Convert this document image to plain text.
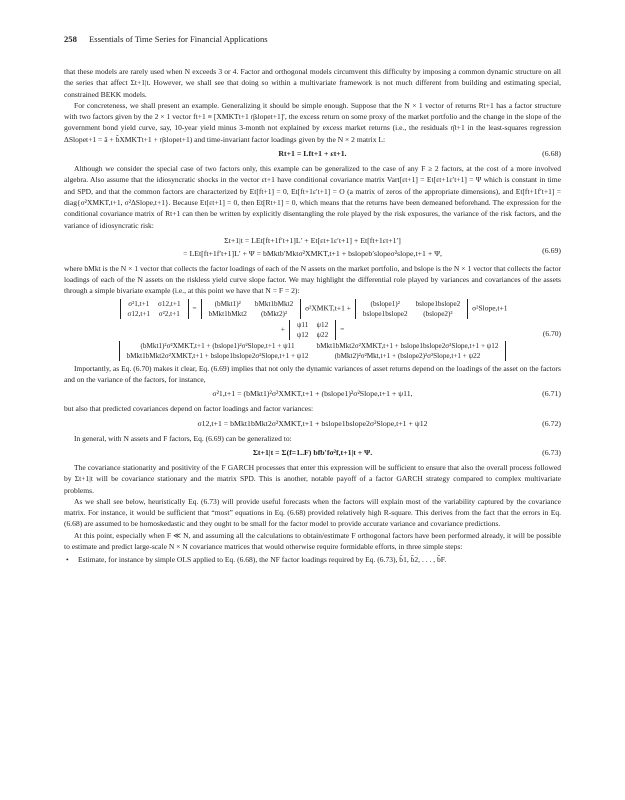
258 Essentials of Time Series for Financial Applications

that these models are rarely used when N exceeds 3 or 4. Factor and orthogonal models circumvent this difficulty by imposing a common dynamic structure on all the series that affect Σt+1|t. However, we shall see that doing so within a multivariate framework is not much different from building and estimating special, constrained BEKK models.

For concreteness, we shall present an example. Generalizing it should be simple enough. Suppose that the N × 1 vector of returns Rt+1 has a factor structure with two factors given by the 2 × 1 vector ft+1 ≡ [XMKTt+1 η̂slopet+1]′, the excess return on some proxy of the market portfolio and the change in the slope of the government bond yield curve, say, 10-year yield minus 3-month not explained by excess market returns (i.e., the residuals η̂t+1 in the least-squares regression ΔSlopet+1 = â + b̂XMKTt+1 + η̂slopet+1) and time-invariant factor loadings given by the N × 2 matrix L:

Rt+1 = Lft+1 + εt+1.	(6.68)

Although we consider the special case of two factors only, this example can be generalized to the case of any F ≥ 2 factors, at the cost of a more involved algebra. Also assume that the idiosyncratic shocks in the vector εt+1 have conditional covariance matrix Vart[εt+1] = Et[εt+1ε′t+1] = Ψ which is constant in time and SPD, and that the common factors are characterized by Et[ft+1] = 0, Et[ft+1ε′t+1] = O (a matrix of zeros of the appropriate dimensions), and Et[ft+1f′t+1] = diag{σ²XMKT,t+1, σ²ΔSlope,t+1}. Because Et[εt+1] = 0, then Et[Rt+1] = 0, which means that the returns have been demeaned beforehand. The expression for the conditional covariance matrix of Rt+1 can then be written by explicitly disentangling the role played by the risk exposures, the variance of the risk factors, and the variance of idiosyncratic risk:

Σt+1|t = LEt[ft+1f′t+1]L′ + Et[εt+1ε′t+1] + Et[ft+1εt+1′]
= LEt[ft+1f′t+1]L′ + Ψ = bMktb′Mktσ²XMKT,t+1 + bslopeb′slopeσ²slope,t+1 + Ψ,	(6.69)

where bMkt is the N × 1 vector that collects the factor loadings of each of the N assets on the market portfolio, and bslope is the N × 1 vector that collects the factor loadings of each of the N assets on the riskless yield curve slope factor. We may highlight the differential role played by variances and covariances of the assets through a simple bivariate example (i.e., at this point we have that N = F = 2):

σ²1,t+1	σ12,t+1
σ12,t+1	σ²2,t+1
= (bMkt1)²	bMkt1bMkt2
bMkt1bMkt2	(bMkt2)²
σ²XMKT,t+1 + (bslope1)²	bslope1bslope2
bslope1bslope2	(bslope2)²
σ²Slope,t+1
+ ψ11	ψ12
ψ12	ψ22
=
(bMkt1)²σ²XMKT,t+1 + (bslope1)²σ²Slope,t+1 + ψ11	bMkt1bMkt2σ²XMKT,t+1 + bslope1bslope2σ²Slope,t+1 + ψ12
bMkt1bMkt2σ²XMKT,t+1 + bslope1bslope2σ²Slope,t+1 + ψ12	(bMkt2)²σ²Mkt,t+1 + (bslope2)²σ²Slope,t+1 + ψ22
(6.70)

Importantly, as Eq. (6.70) makes it clear, Eq. (6.69) implies that not only the dynamic variances of asset returns depend on the loadings of the asset on the factors and on the variance of the factors, for instance,

σ²1,t+1 = (bMkt1)²σ²XMKT,t+1 + (bslope1)²σ²Slope,t+1 + ψ11,	(6.71)

but also that predicted covariances depend on factor loadings and factor variances:

σ12,t+1 = bMkt1bMkt2σ²XMKT,t+1 + bslope1bslope2σ²Slope,t+1 + ψ12	(6.72)

In general, with N assets and F factors, Eq. (6.69) can be generalized to:

Σt+1|t = Σ(f=1..F) bfb′fσ²f,t+1|t + Ψ.	(6.73)

The covariance stationarity and positivity of the F GARCH processes that enter this expression will be sufficient to ensure that also the overall process followed by Σt+1|t will be covariance stationary and the matrix SPD. This is another, notable payoff of a factor GARCH strategy compared to complex multivariate problems.

As we shall see below, heuristically Eq. (6.73) will provide useful forecasts when the factors will explain most of the variability captured by the covariance matrix. For instance, it would be sufficient that “most” equations in Eq. (6.68) provided relatively high R-square. This derives from the fact that the errors in Eq. (6.68) are assumed to be homoskedastic and they ought to be small for the factor model to provide accurate variance and covariance predictions.

At this point, especially when F ≪ N, and assuming all the calculations to obtain/estimate F orthogonal factors have been performed already, it will be possible to estimate and predict large-scale N × N covariance matrices that would otherwise require formidable efforts, in three simple steps:

• Estimate, for instance by simple OLS applied to Eq. (6.68), the NF factor loadings required by Eq. (6.73), b̂1, b̂2, . . . , b̂F.
